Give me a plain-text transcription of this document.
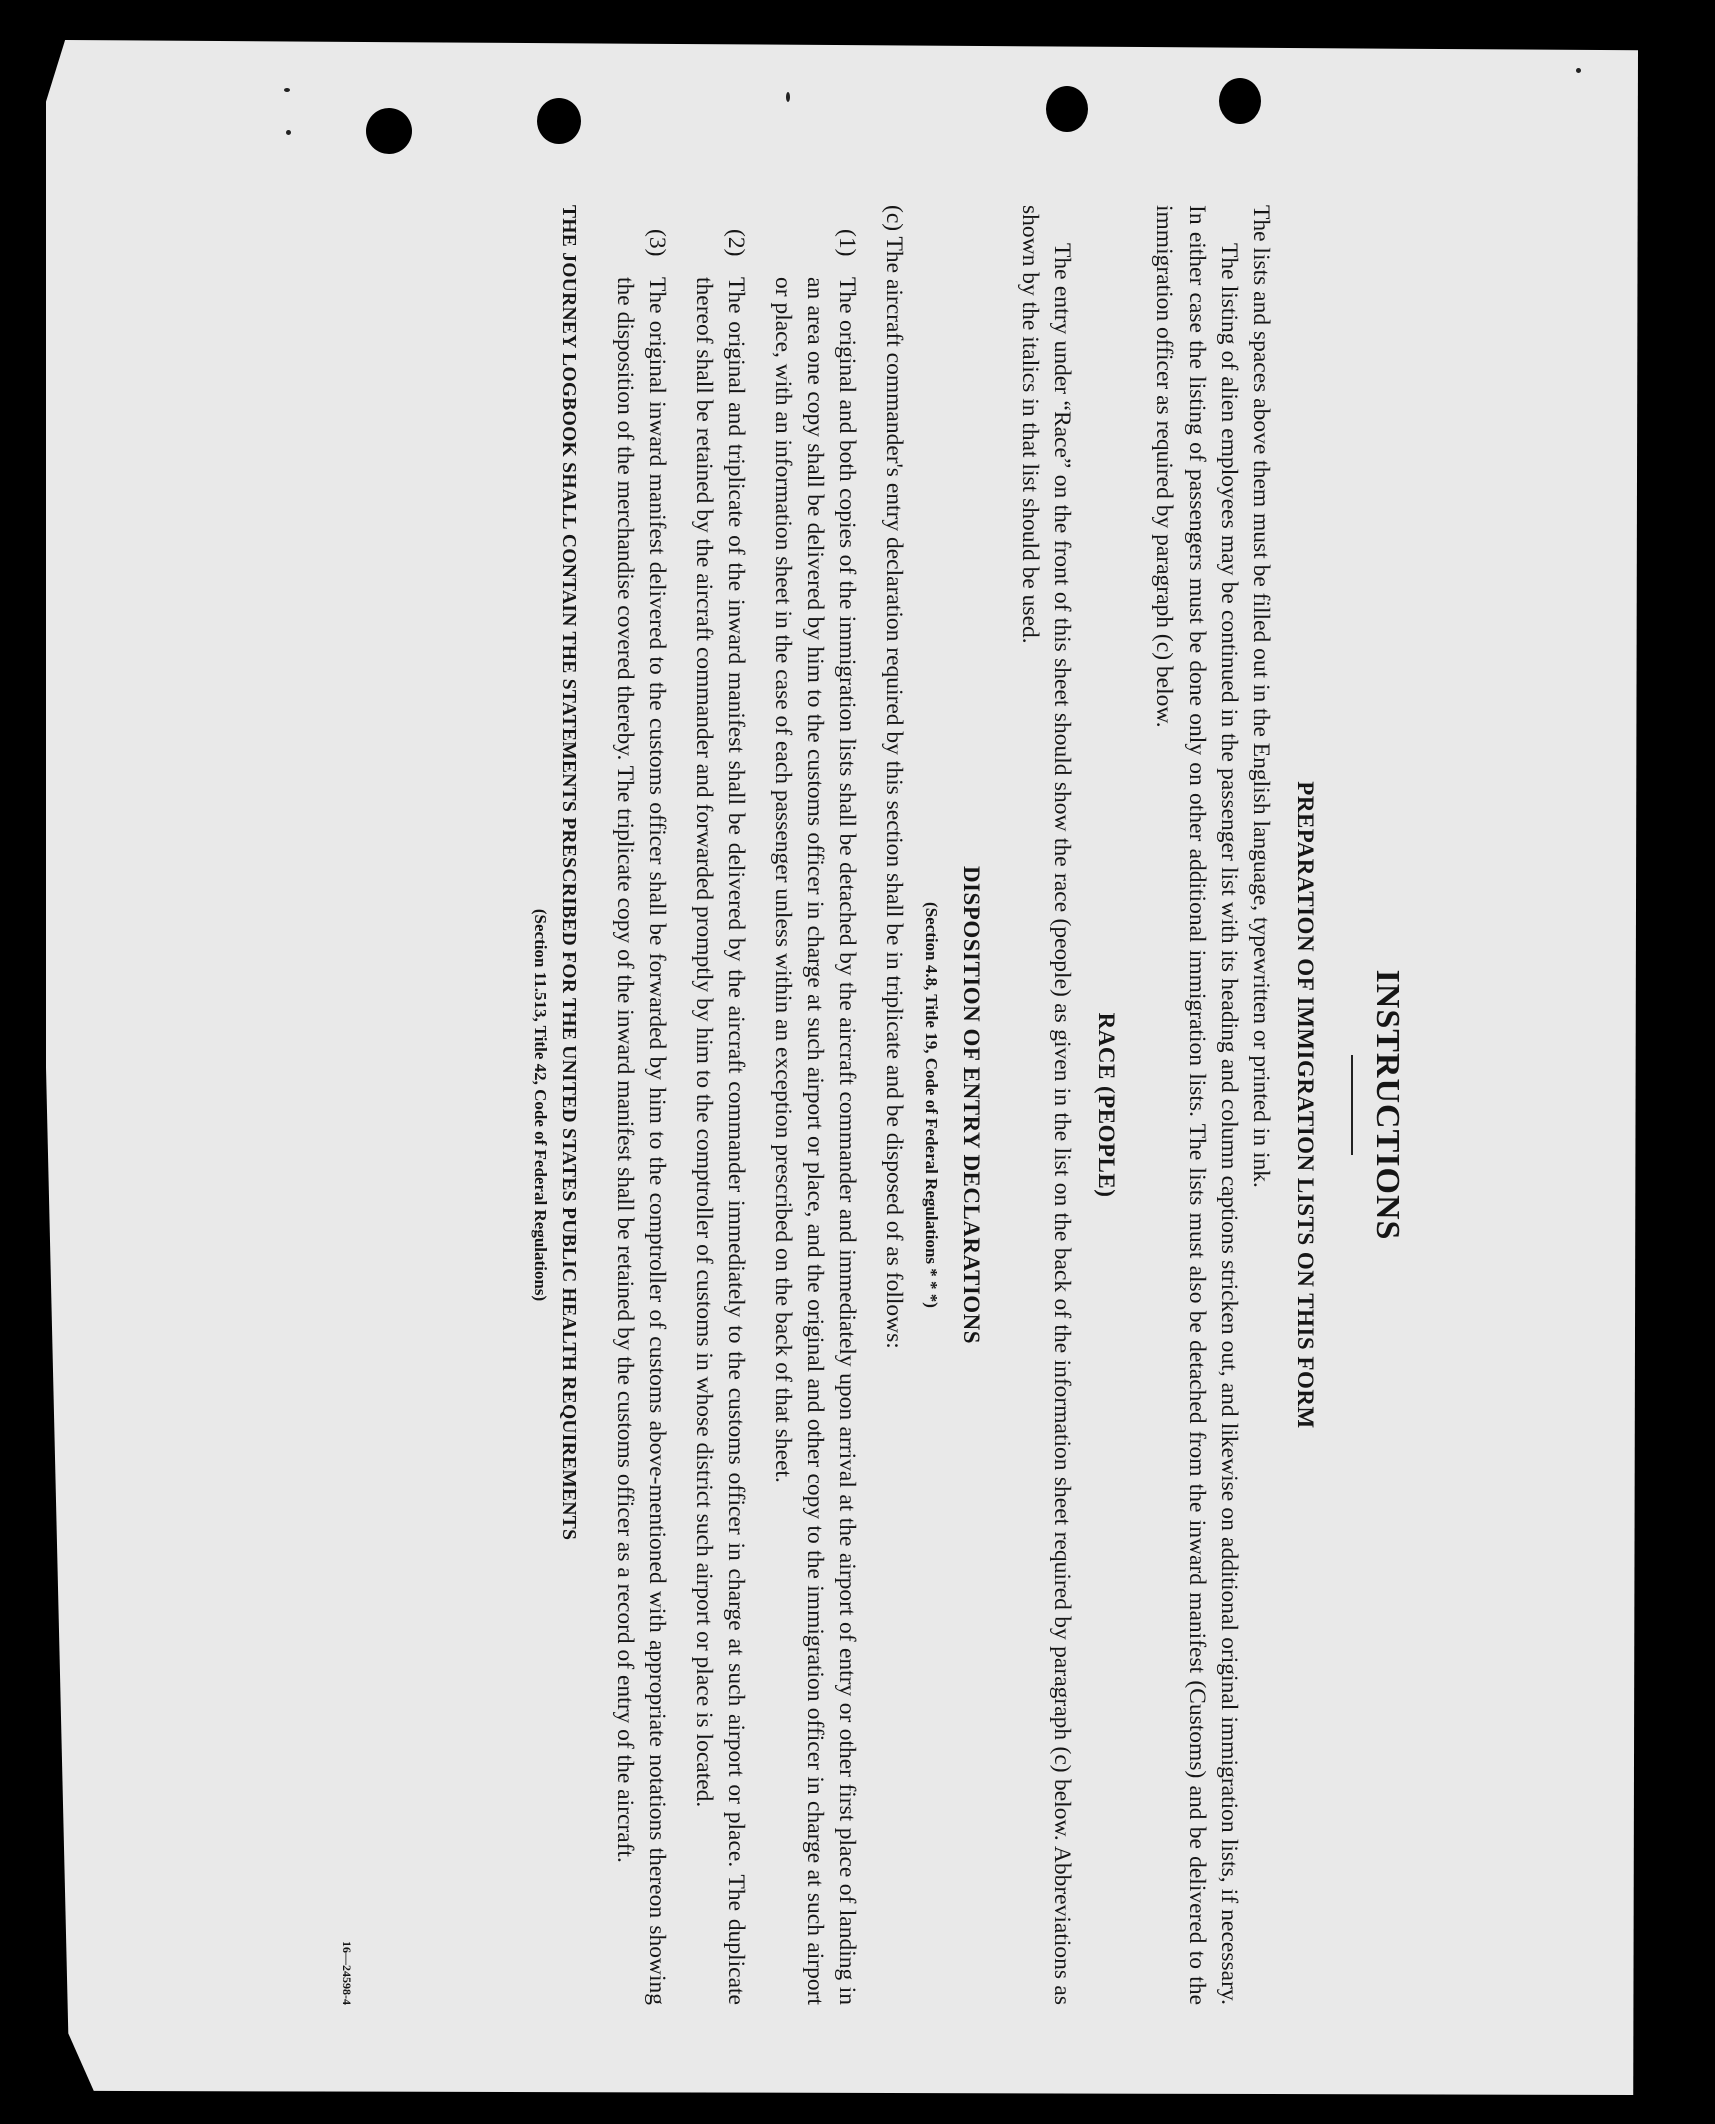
INSTRUCTIONS
PREPARATION OF IMMIGRATION LISTS ON THIS FORM

The lists and spaces above them must be filled out in the English language, typewritten or printed in ink.

The listing of alien employees may be continued in the passenger list with its heading and column captions stricken out, and likewise on additional original immigration lists, if necessary. In either case the listing of passengers must be done only on other additional immigration lists. The lists must also be detached from the inward manifest (Customs) and be delivered to the immigration officer as required by paragraph (c) below.

RACE (PEOPLE)

The entry under “Race” on the front of this sheet should show the race (people) as given in the list on the back of the information sheet required by paragraph (c) below. Abbreviations as shown by the italics in that list should be used.

DISPOSITION OF ENTRY DECLARATIONS
(Section 4.8, Title 19, Code of Federal Regulations * * *)

(c) The aircraft commander's entry declaration required by this section shall be in triplicate and be disposed of as follows:

(1)
The original and both copies of the immigration lists shall be detached by the aircraft commander and immediately upon arrival at the airport of entry or other first place of landing in an area one copy shall be delivered by him to the customs officer in charge at such airport or place, and the original and other copy to the immigration officer in charge at such airport or place, with an information sheet in the case of each passenger unless within an exception prescribed on the back of that sheet.
(2)
The original and triplicate of the inward manifest shall be delivered by the aircraft commander immediately to the customs officer in charge at such airport or place. The duplicate thereof shall be retained by the aircraft commander and forwarded promptly by him to the comptroller of customs in whose district such airport or place is located.
(3)
The original inward manifest delivered to the customs officer shall be forwarded by him to the comptroller of customs above-mentioned with appropriate notations thereon showing the disposition of the merchandise covered thereby. The triplicate copy of the inward manifest shall be retained by the customs officer as a record of entry of the aircraft.
THE JOURNEY LOGBOOK SHALL CONTAIN THE STATEMENTS PRESCRIBED FOR THE UNITED STATES PUBLIC HEALTH REQUIREMENTS
(Section 11.513, Title 42, Code of Federal Regulations)
16—24598-4
